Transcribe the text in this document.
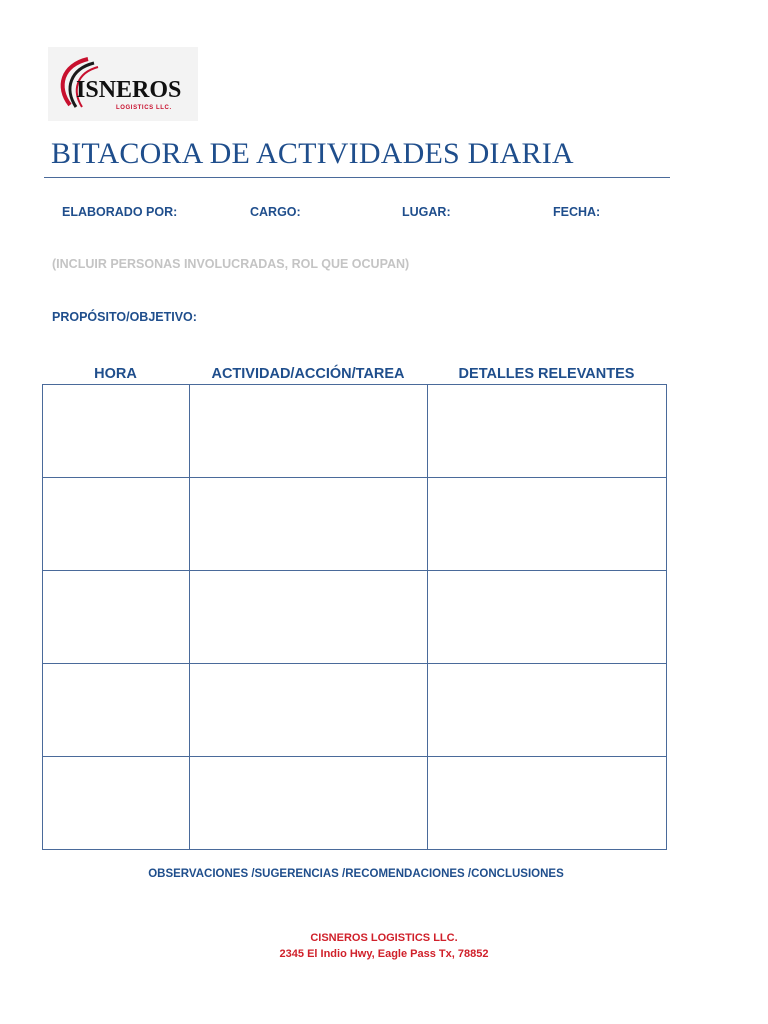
ISNEROS
LOGISTICS LLC.
BITACORA DE ACTIVIDADES DIARIA
ELABORADO POR:	CARGO:	LUGAR:	FECHA:
(INCLUIR PERSONAS INVOLUCRADAS, ROL QUE OCUPAN)
PROPÓSITO/OBJETIVO:
HORA	ACTIVIDAD/ACCIÓN/TAREA	DETALLES RELEVANTES

OBSERVACIONES /SUGERENCIAS /RECOMENDACIONES /CONCLUSIONES
CISNEROS LOGISTICS LLC.
2345 El Indio Hwy, Eagle Pass Tx, 78852
